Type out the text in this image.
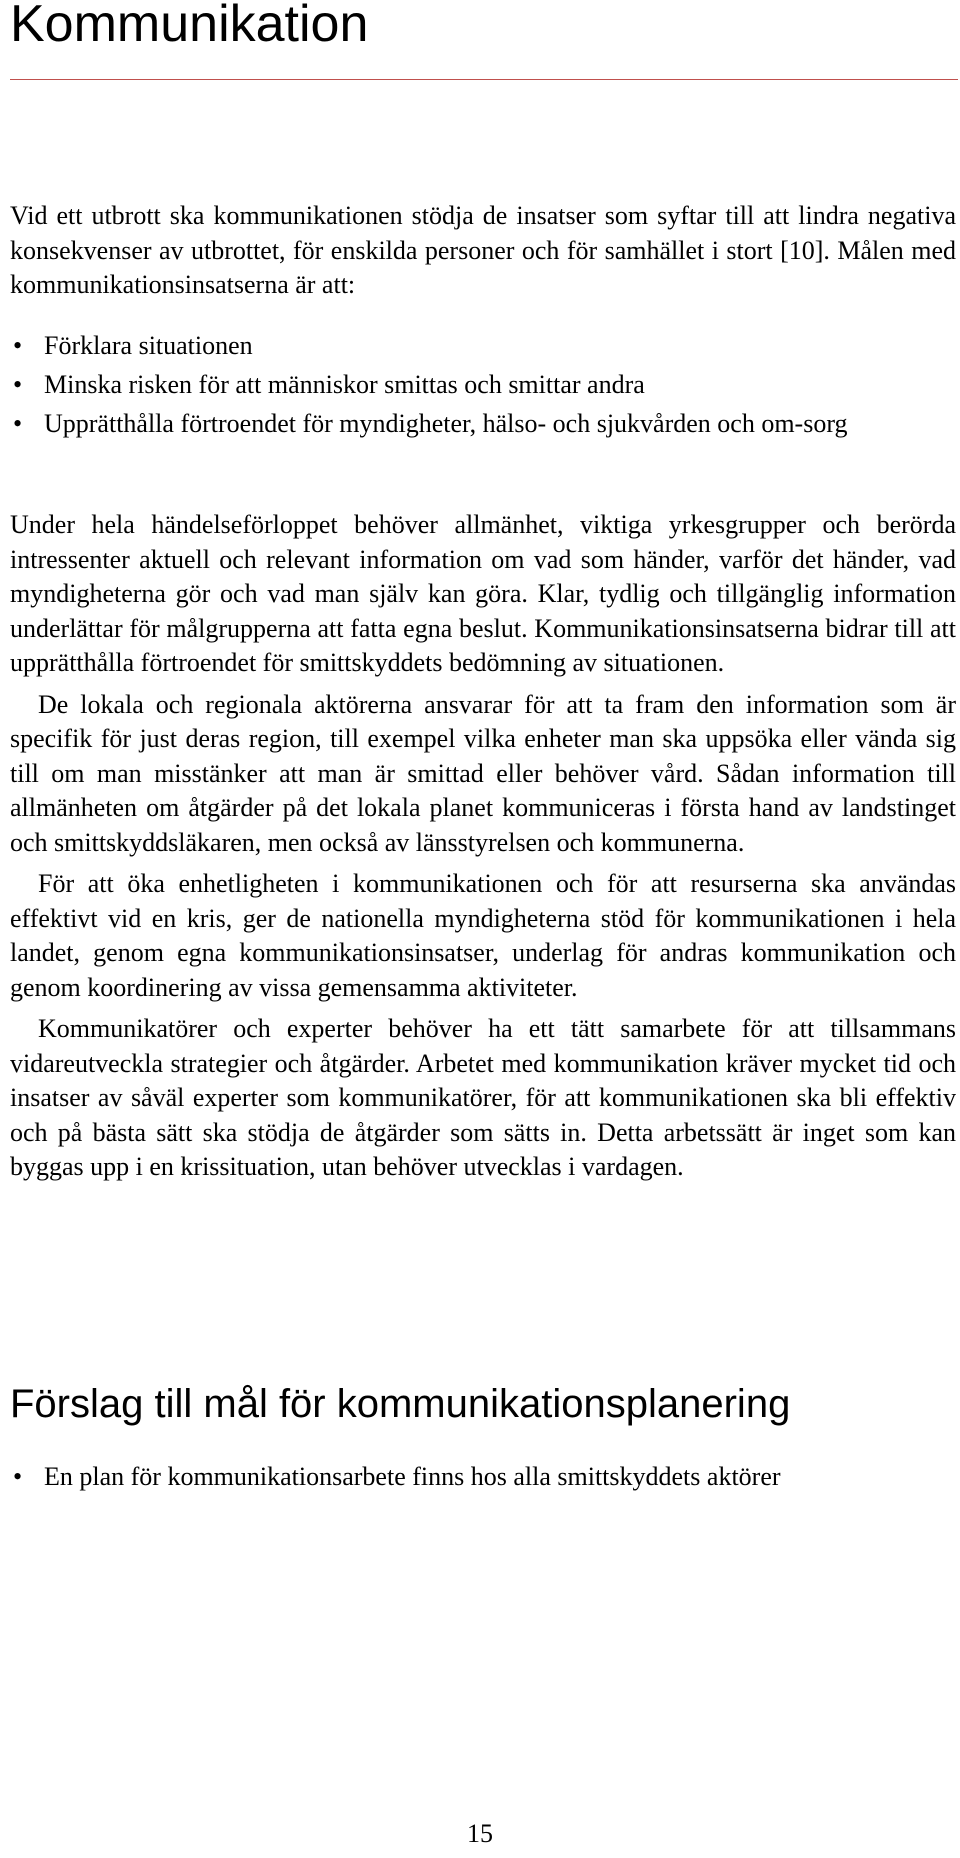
Kommunikation

Vid ett utbrott ska kommunikationen stödja de insatser som syftar till att lindra negativa konsekvenser av utbrottet, för enskilda personer och för samhället i stort [10]. Målen med kommunikationsinsatserna är att:

• Förklara situationen
• Minska risken för att människor smittas och smittar andra
• Upprätthålla förtroendet för myndigheter, hälso- och sjukvården och om-sorg

Under hela händelseförloppet behöver allmänhet, viktiga yrkesgrupper och berörda intressenter aktuell och relevant information om vad som händer, varför det händer, vad myndigheterna gör och vad man själv kan göra. Klar, tydlig och tillgänglig information underlättar för målgrupperna att fatta egna beslut. Kommunikationsinsatserna bidrar till att upprätthålla förtroendet för smittskyddets bedömning av situationen.

De lokala och regionala aktörerna ansvarar för att ta fram den information som är specifik för just deras region, till exempel vilka enheter man ska uppsöka eller vända sig till om man misstänker att man är smittad eller behöver vård. Sådan information till allmänheten om åtgärder på det lokala planet kommuniceras i första hand av landstinget och smittskyddsläkaren, men också av länsstyrelsen och kommunerna.

För att öka enhetligheten i kommunikationen och för att resurserna ska användas effektivt vid en kris, ger de nationella myndigheterna stöd för kommunikationen i hela landet, genom egna kommunikationsinsatser, underlag för andras kommunikation och genom koordinering av vissa gemensamma aktiviteter.

Kommunikatörer och experter behöver ha ett tätt samarbete för att tillsammans vidareutveckla strategier och åtgärder. Arbetet med kommunikation kräver mycket tid och insatser av såväl experter som kommunikatörer, för att kommunikationen ska bli effektiv och på bästa sätt ska stödja de åtgärder som sätts in. Detta arbetssätt är inget som kan byggas upp i en krissituation, utan behöver utvecklas i vardagen.

Förslag till mål för kommunikationsplanering
• En plan för kommunikationsarbete finns hos alla smittskyddets aktörer
15
